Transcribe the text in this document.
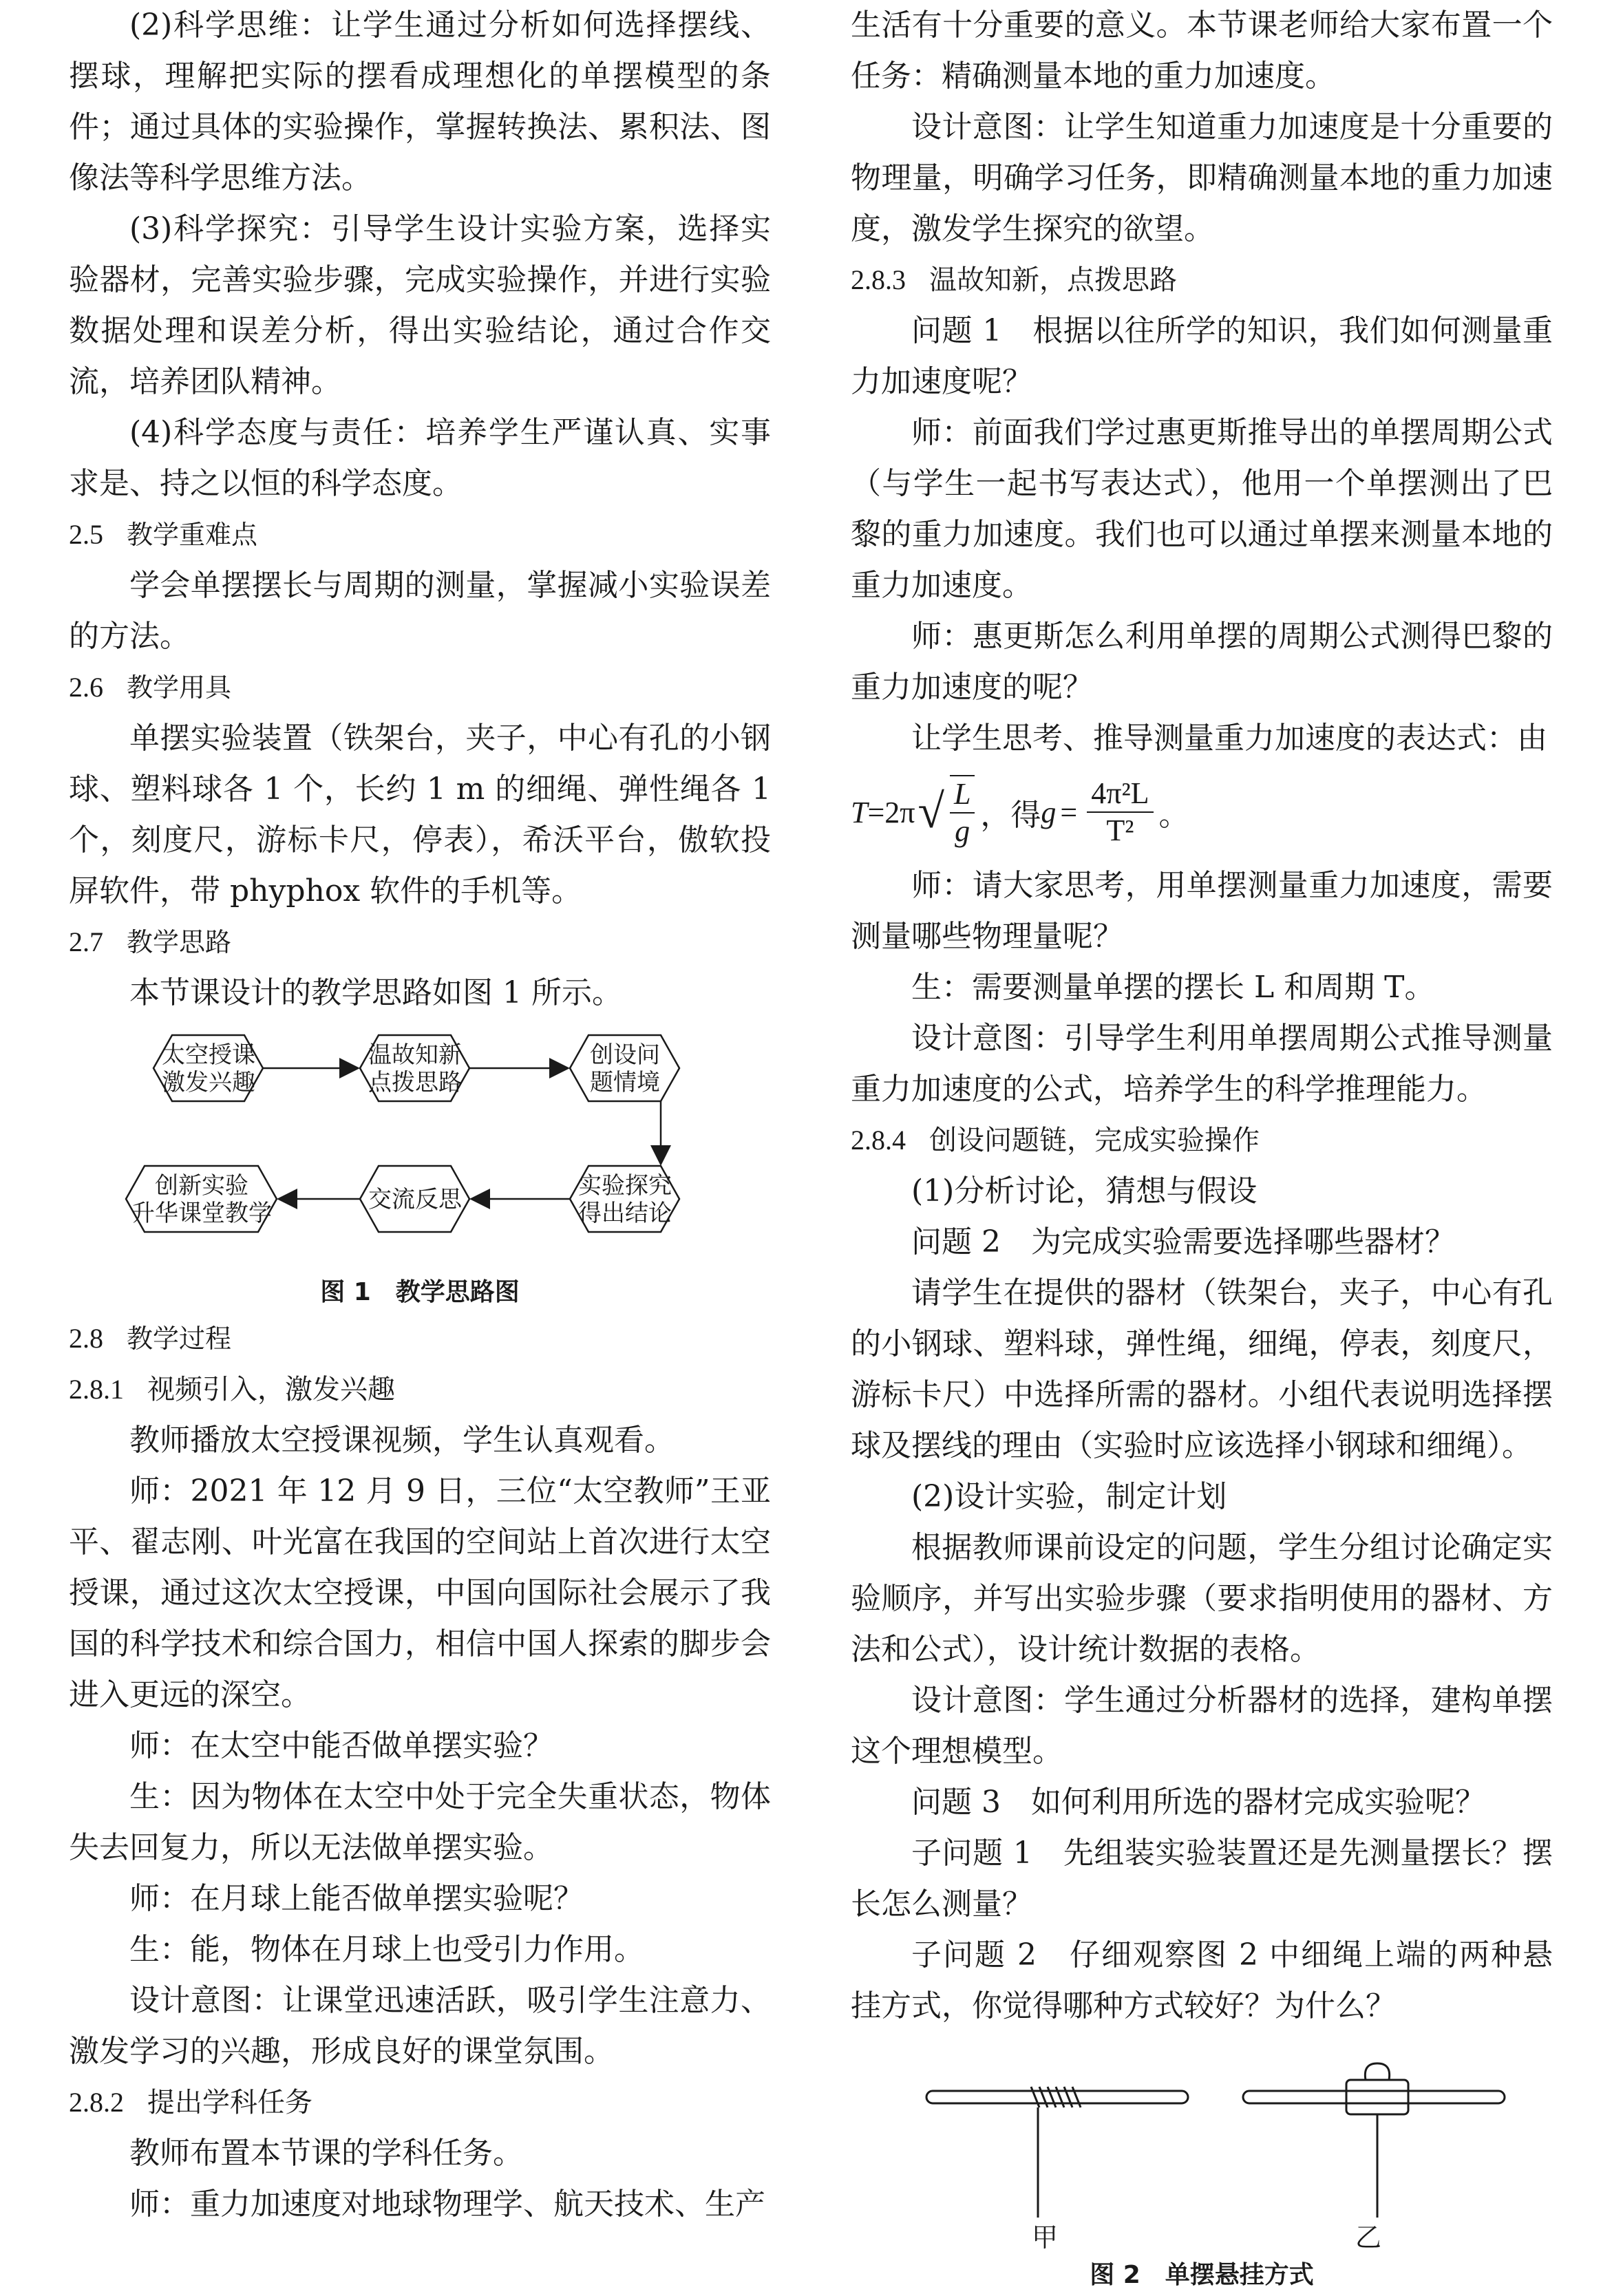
(2)科学思维：让学生通过分析如何选择摆线、摆球，理解把实际的摆看成理想化的单摆模型的条件；通过具体的实验操作，掌握转换法、累积法、图像法等科学思维方法。

(3)科学探究：引导学生设计实验方案，选择实验器材，完善实验步骤，完成实验操作，并进行实验数据处理和误差分析，得出实验结论，通过合作交流，培养团队精神。

(4)科学态度与责任：培养学生严谨认真、实事求是、持之以恒的科学态度。

2.5 教学重难点

学会单摆摆长与周期的测量，掌握减小实验误差的方法。

2.6 教学用具

单摆实验装置（铁架台，夹子，中心有孔的小钢球、塑料球各 1 个，长约 1 m 的细绳、弹性绳各 1 个，刻度尺，游标卡尺，停表），希沃平台，傲软投屏软件，带 phyphox 软件的手机等。

2.7 教学思路

本节课设计的教学思路如图 1 所示。

太空授课
激发兴趣
温故知新
点拨思路
创设问
题情境
实验探究
得出结论
交流反思
创新实验
升华课堂教学

图 1　教学思路图

2.8 教学过程
2.8.1 视频引入，激发兴趣

教师播放太空授课视频，学生认真观看。

师：2021 年 12 月 9 日，三位“太空教师”王亚平、翟志刚、叶光富在我国的空间站上首次进行太空授课，通过这次太空授课，中国向国际社会展示了我国的科学技术和综合国力，相信中国人探索的脚步会进入更远的深空。

师：在太空中能否做单摆实验？

生：因为物体在太空中处于完全失重状态，物体失去回复力，所以无法做单摆实验。

师：在月球上能否做单摆实验呢？

生：能，物体在月球上也受引力作用。

设计意图：让课堂迅速活跃，吸引学生注意力、激发学习的兴趣，形成良好的课堂氛围。

2.8.2 提出学科任务

教师布置本节课的学科任务。

师：重力加速度对地球物理学、航天技术、生产

生活有十分重要的意义。本节课老师给大家布置一个任务：精确测量本地的重力加速度。

设计意图：让学生知道重力加速度是十分重要的物理量，明确学习任务，即精确测量本地的重力加速度，激发学生探究的欲望。

2.8.3 温故知新，点拨思路

问题 1　根据以往所学的知识，我们如何测量重力加速度呢？

师：前面我们学过惠更斯推导出的单摆周期公式（与学生一起书写表达式），他用一个单摆测出了巴黎的重力加速度。我们也可以通过单摆来测量本地的重力加速度。

师：惠更斯怎么利用单摆的周期公式测得巴黎的重力加速度的呢？

让学生思考、推导测量重力加速度的表达式：由

T =2π √ $\frac{L}{g}$ ，得 $g = \frac{\text{4π²L}}{\text{T²}}$ 。

师：请大家思考，用单摆测量重力加速度，需要测量哪些物理量呢？

生：需要测量单摆的摆长 L 和周期 T。

设计意图：引导学生利用单摆周期公式推导测量重力加速度的公式，培养学生的科学推理能力。

2.8.4 创设问题链，完成实验操作

(1)分析讨论，猜想与假设

问题 2　为完成实验需要选择哪些器材？

请学生在提供的器材（铁架台，夹子，中心有孔的小钢球、塑料球，弹性绳，细绳，停表，刻度尺，游标卡尺）中选择所需的器材。小组代表说明选择摆球及摆线的理由（实验时应该选择小钢球和细绳）。

(2)设计实验，制定计划

根据教师课前设定的问题，学生分组讨论确定实验顺序，并写出实验步骤（要求指明使用的器材、方法和公式），设计统计数据的表格。

设计意图：学生通过分析器材的选择，建构单摆这个理想模型。

问题 3　如何利用所选的器材完成实验呢？

子问题 1　先组装实验装置还是先测量摆长？摆长怎么测量？

子问题 2　仔细观察图 2 中细绳上端的两种悬挂方式，你觉得哪种方式较好？为什么？

甲	乙

图 2　单摆悬挂方式
